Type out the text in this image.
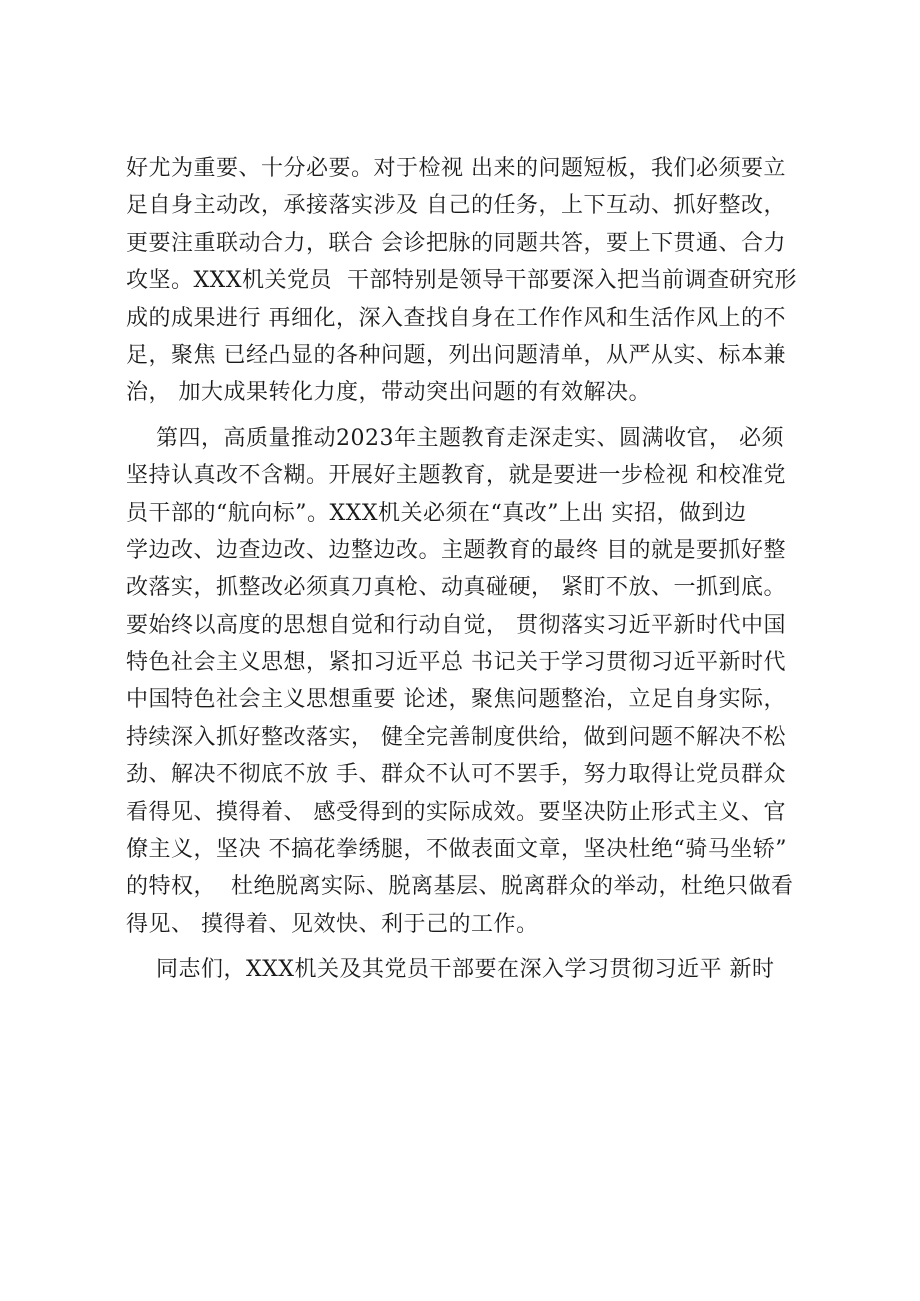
好尤为重要、十分必要。对于检视 出来的问题短板，我们必须要立
足自身主动改，承接落实涉及 自己的任务，上下互动、抓好整改，
更要注重联动合力，联合 会诊把脉的同题共答，要上下贯通、合力
攻坚。XXX机关党员  干部特别是领导干部要深入把当前调查研究形
成的成果进行 再细化，深入查找自身在工作作风和生活作风上的不
足，聚焦 已经凸显的各种问题，列出问题清单，从严从实、标本兼
治， 加大成果转化力度，带动突出问题的有效解决。
第四，高质量推动2023年主题教育走深走实、圆满收官， 必须
坚持认真改不含糊。开展好主题教育，就是要进一步检视 和校准党
员干部的“航向标”。XXX机关必须在“真改”上出 实招，做到边
学边改、边查边改、边整边改。主题教育的最终 目的就是要抓好整
改落实，抓整改必须真刀真枪、动真碰硬， 紧盯不放、一抓到底。
要始终以高度的思想自觉和行动自觉， 贯彻落实习近平新时代中国
特色社会主义思想，紧扣习近平总 书记关于学习贯彻习近平新时代
中国特色社会主义思想重要 论述，聚焦问题整治，立足自身实际，
持续深入抓好整改落实， 健全完善制度供给，做到问题不解决不松
劲、解决不彻底不放 手、群众不认可不罢手，努力取得让党员群众
看得见、摸得着、 感受得到的实际成效。要坚决防止形式主义、官
僚主义，坚决 不搞花拳绣腿，不做表面文章，坚决杜绝“骑马坐轿”
的特权，  杜绝脱离实际、脱离基层、脱离群众的举动，杜绝只做看
得见、 摸得着、见效快、利于己的工作。
同志们，XXX机关及其党员干部要在深入学习贯彻习近平 新时
